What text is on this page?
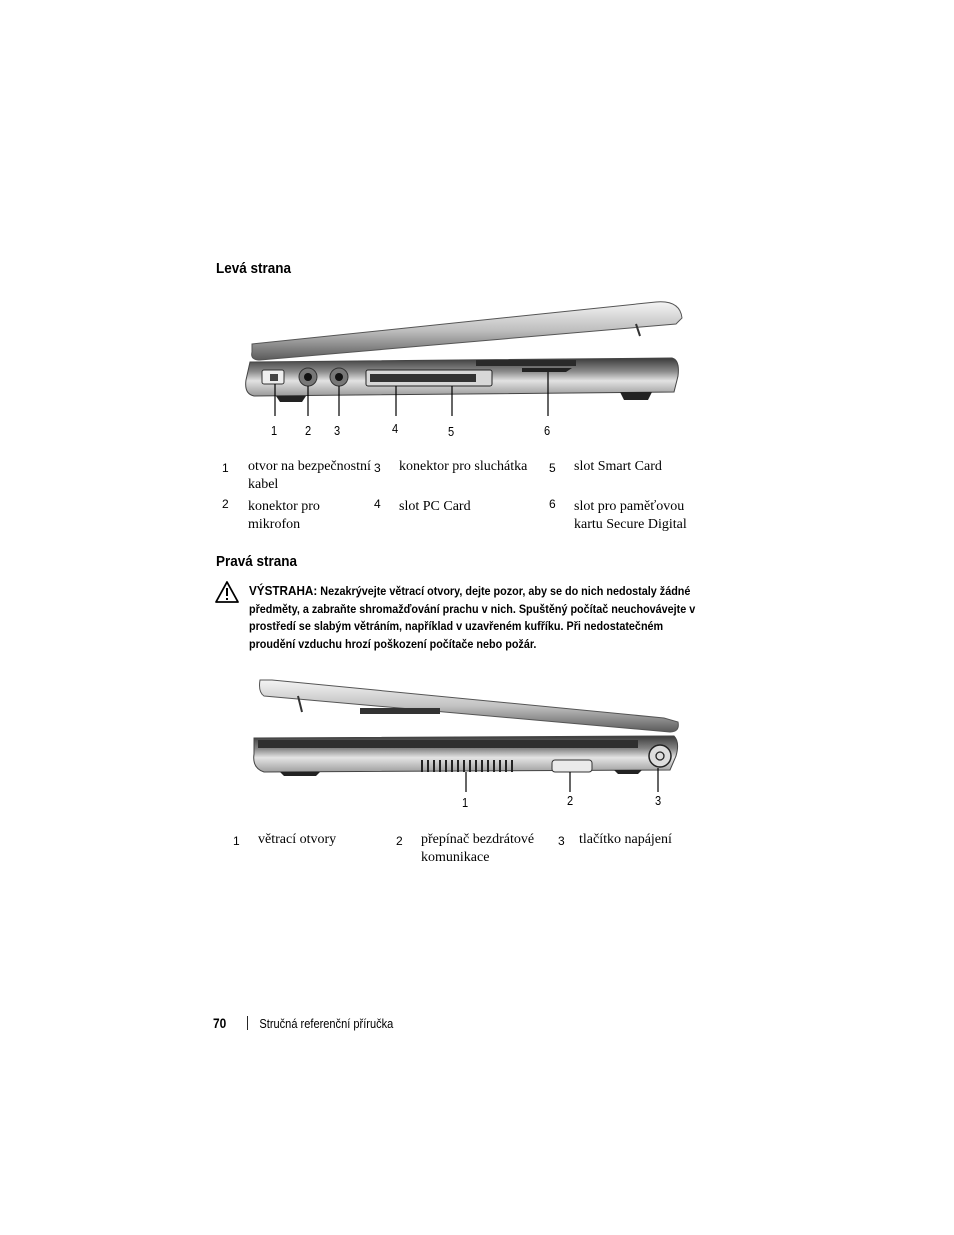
Levá strana
1 2 3	4	5	6
1	otvor na bezpečnostní kabel	3	konektor pro sluchátka	5	slot Smart Card
2	konektor pro mikrofon	4	slot PC Card	6	slot pro paměťovou kartu Secure Digital
Pravá strana
VÝSTRAHA: Nezakrývejte větrací otvory, dejte pozor, aby se do nich nedostaly žádné předměty, a zabraňte shromažďování prachu v nich. Spuštěný počítač neuchovávejte v prostředí se slabým větráním, například v uzavřeném kufříku. Při nedostatečném proudění vzduchu hrozí poškození počítače nebo požár.
1	2	3
1	větrací otvory	2	přepínač bezdrátové komunikace	3	tlačítko napájení
70	Stručná referenční příručka
